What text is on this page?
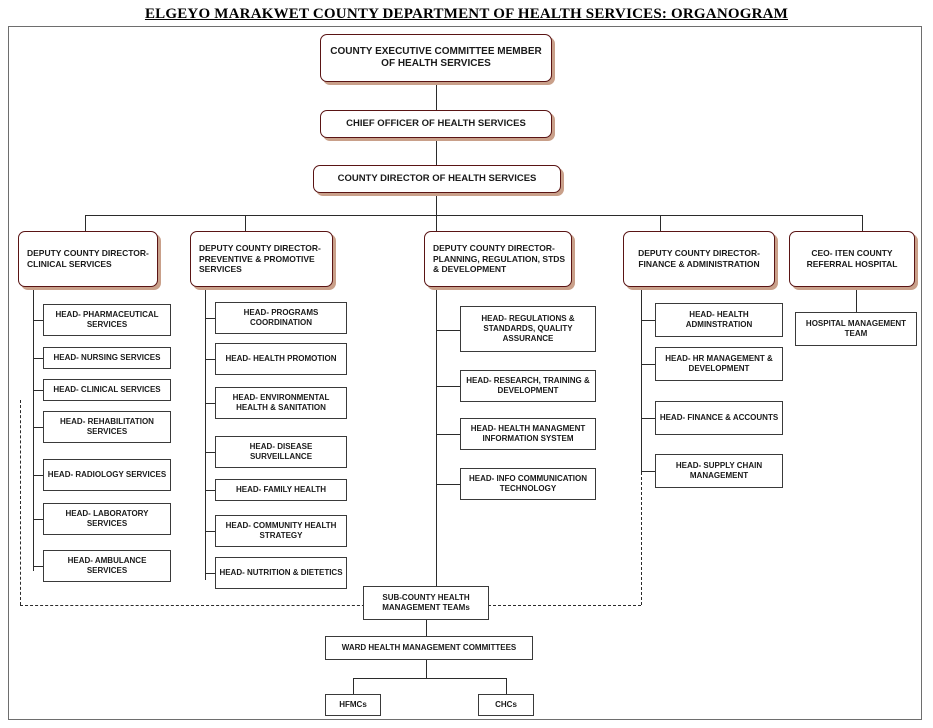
ELGEYO MARAKWET COUNTY DEPARTMENT OF HEALTH SERVICES: ORGANOGRAM
COUNTY EXECUTIVE COMMITTEE MEMBER OF HEALTH SERVICES
CHIEF OFFICER OF HEALTH SERVICES
COUNTY DIRECTOR OF HEALTH SERVICES
DEPUTY COUNTY DIRECTOR- CLINICAL SERVICES
DEPUTY COUNTY DIRECTOR- PREVENTIVE & PROMOTIVE SERVICES
DEPUTY COUNTY DIRECTOR- PLANNING, REGULATION, STDS & DEVELOPMENT
DEPUTY COUNTY DIRECTOR- FINANCE & ADMINISTRATION
CEO- ITEN COUNTY REFERRAL HOSPITAL
HEAD- PHARMACEUTICAL SERVICES
HEAD- NURSING SERVICES
HEAD- CLINICAL SERVICES
HEAD- REHABILITATION SERVICES
HEAD- RADIOLOGY SERVICES
HEAD- LABORATORY SERVICES
HEAD- AMBULANCE SERVICES
HEAD- PROGRAMS COORDINATION
HEAD- HEALTH PROMOTION
HEAD- ENVIRONMENTAL HEALTH & SANITATION
HEAD- DISEASE SURVEILLANCE
HEAD- FAMILY HEALTH
HEAD- COMMUNITY HEALTH STRATEGY
HEAD- NUTRITION & DIETETICS
HEAD- REGULATIONS & STANDARDS, QUALITY ASSURANCE
HEAD- RESEARCH, TRAINING & DEVELOPMENT
HEAD- HEALTH MANAGMENT INFORMATION SYSTEM
HEAD- INFO COMMUNICATION TECHNOLOGY
HEAD- HEALTH ADMINSTRATION
HEAD- HR MANAGEMENT & DEVELOPMENT
HEAD- FINANCE & ACCOUNTS
HEAD- SUPPLY CHAIN MANAGEMENT
HOSPITAL MANAGEMENT TEAM
SUB-COUNTY HEALTH MANAGEMENT TEAMs
WARD HEALTH MANAGEMENT COMMITTEES
HFMCs	CHCs
